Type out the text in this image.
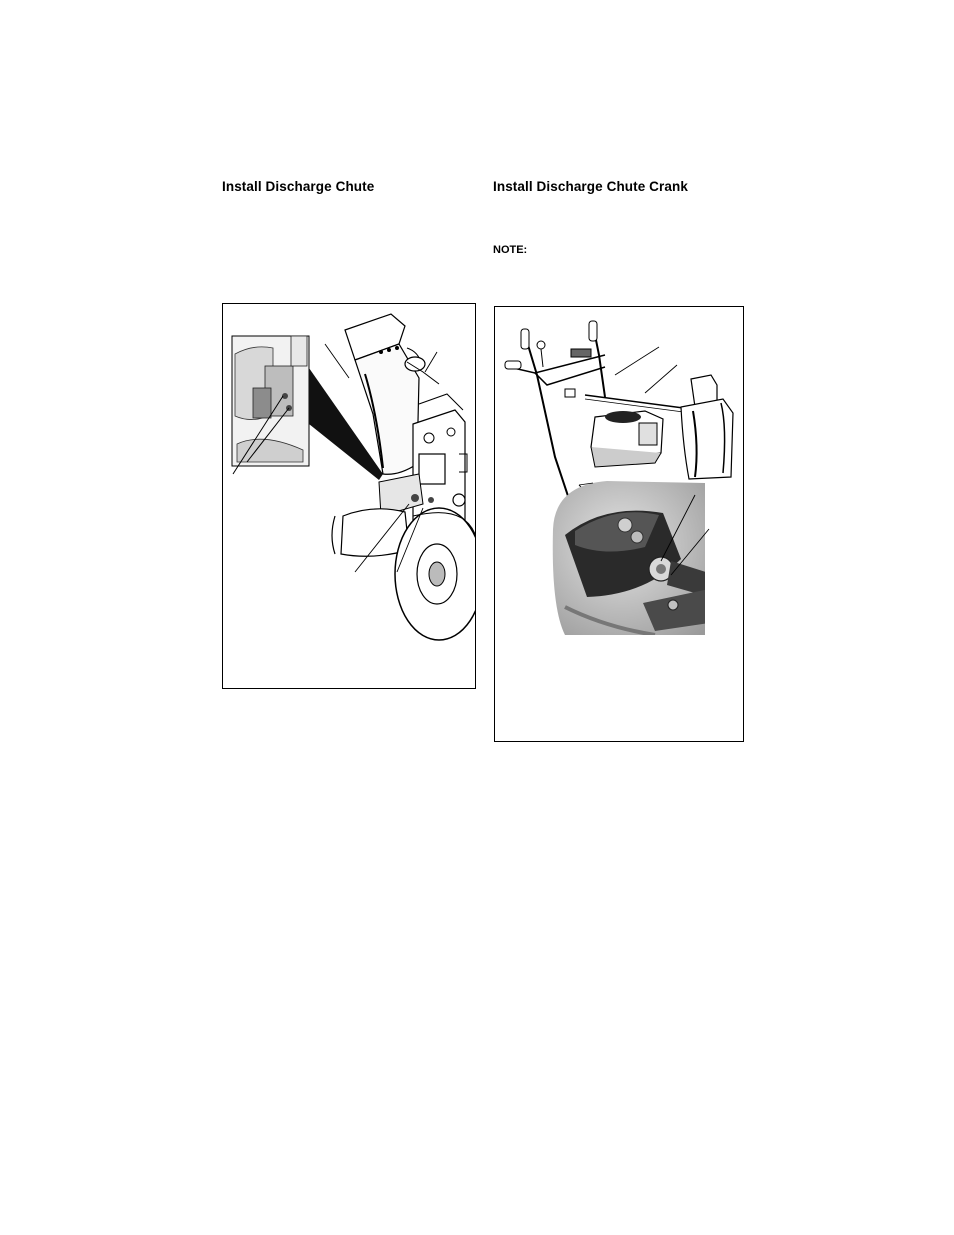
Install Discharge Chute	Install Discharge Chute Crank
NOTE:
